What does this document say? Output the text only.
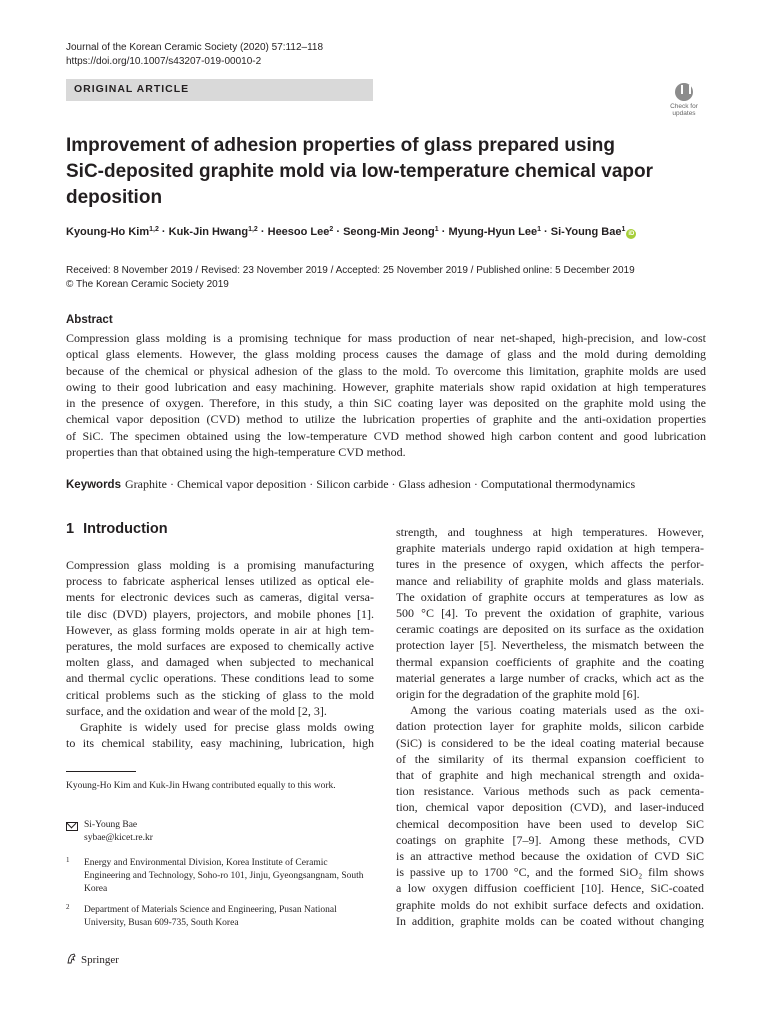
Journal of the Korean Ceramic Society (2020) 57:112–118
https://doi.org/10.1007/s43207-019-00010-2
ORIGINAL ARTICLE
Check for
updates
Improvement of adhesion properties of glass prepared using
SiC-deposited graphite mold via low-temperature chemical vapor
deposition
Kyoung-Ho Kim$^{1,2}$ · Kuk-Jin Hwang$^{1,2}$ · Heesoo Lee$^2$ · Seong-Min Jeong$^1$ · Myung-Hyun Lee$^1$ · Si-Young Bae$^1$iD
Received: 8 November 2019 / Revised: 23 November 2019 / Accepted: 25 November 2019 / Published online: 5 December 2019
© The Korean Ceramic Society 2019
Abstract
Compression glass molding is a promising technique for mass production of near net-shaped, high-precision, and low-cost
optical glass elements. However, the glass molding process causes the damage of glass and the mold during demolding
because of the chemical or physical adhesion of the glass to the mold. To overcome this limitation, graphite molds are used
owing to their good lubrication and easy machining. However, graphite materials show rapid oxidation at high temperatures
in the presence of oxygen. Therefore, in this study, a thin SiC coating layer was deposited on the graphite mold using the
chemical vapor deposition (CVD) method to utilize the lubrication properties of graphite and the anti-oxidation properties
of SiC. The specimen obtained using the low-temperature CVD method showed high carbon content and good lubrication
properties than that obtained using the high-temperature CVD method.
Keywords Graphite · Chemical vapor deposition · Silicon carbide · Glass adhesion · Computational thermodynamics
1 Introduction
Compression glass molding is a promising manufacturing
process to fabricate aspherical lenses utilized as optical ele-
ments for electronic devices such as cameras, digital versa-
tile disc (DVD) players, projectors, and mobile phones [1].
However, as glass forming molds operate in air at high tem-
peratures, the mold surfaces are exposed to chemically active
molten glass, and damaged when subjected to mechanical
and thermal cyclic operations. These conditions lead to some
critical problems such as the sticking of glass to the mold
surface, and the oxidation and wear of the mold [2, 3].
Graphite is widely used for precise glass molds owing
to its chemical stability, easy machining, lubrication, high
strength, and toughness at high temperatures. However,
graphite materials undergo rapid oxidation at high tempera-
tures in the presence of oxygen, which affects the perfor-
mance and reliability of graphite molds and glass materials.
The oxidation of graphite occurs at temperatures as low as
500 °C [4]. To prevent the oxidation of graphite, various
ceramic coatings are deposited on its surface as the oxidation
protection layer [5]. Nevertheless, the mismatch between the
thermal expansion coefficients of graphite and the coating
material generates a large number of cracks, which act as the
origin for the degradation of the graphite mold [6].
Among the various coating materials used as the oxi-
dation protection layer for graphite molds, silicon carbide
(SiC) is considered to be the ideal coating material because
of the similarity of its thermal expansion coefficient to
that of graphite and high mechanical strength and oxida-
tion resistance. Various methods such as pack cementa-
tion, chemical vapor deposition (CVD), and laser-induced
chemical decomposition have been used to develop SiC
coatings on graphite [7–9]. Among these methods, CVD
is an attractive method because the oxidation of CVD SiC
is passive up to 1700 °C, and the formed SiO₂ film shows
a low oxygen diffusion coefficient [10]. Hence, SiC-coated
graphite molds do not exhibit surface defects and oxidation.
In addition, graphite molds can be coated without changing
Kyoung-Ho Kim and Kuk-Jin Hwang contributed equally to this work.
Si-Young Bae
sybae@kicet.re.kr
1 Energy and Environmental Division, Korea Institute of Ceramic Engineering and Technology, Soho-ro 101, Jinju, Gyeongsangnam, South Korea
2 Department of Materials Science and Engineering, Pusan National University, Busan 609-735, South Korea
Springer
